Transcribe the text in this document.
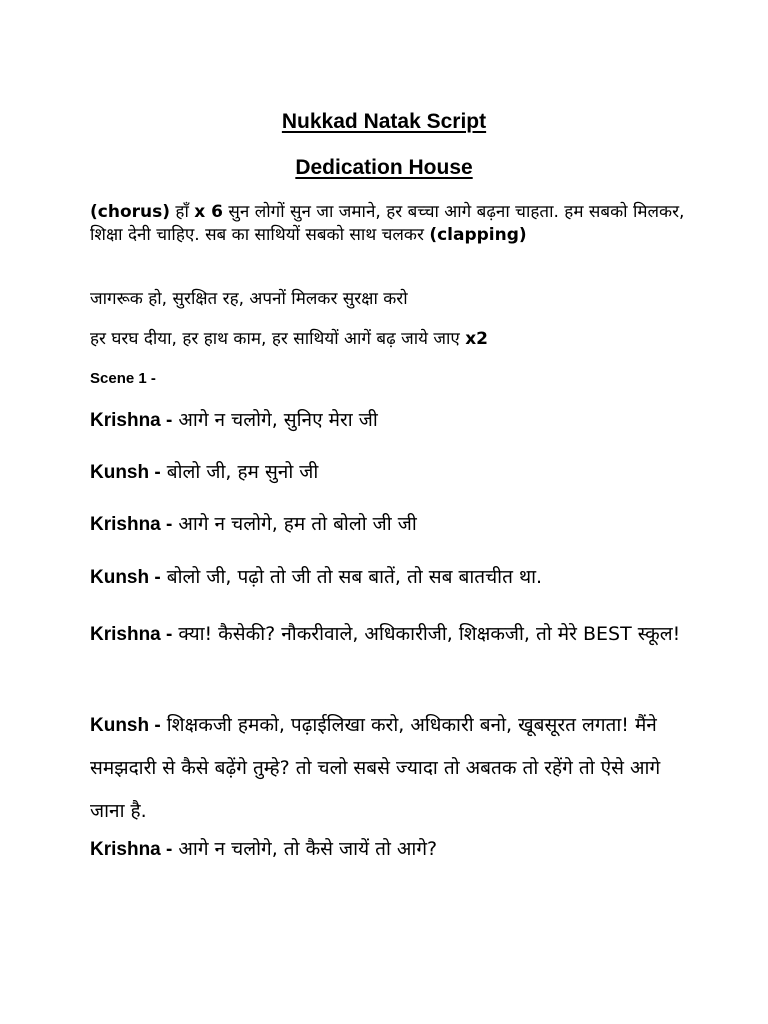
Nukkad Natak Script
Dedication House
(chorus) हाँ x 6 सुन लोगों सुन जा जमाने, हर बच्चा आगे बढ़ना चाहता. हम सबको मिलकर, शिक्षा देनी चाहिए. सब का साथियों सबको साथ चलकर (clapping)
जागरूक हो, सुरक्षित रह, अपनों मिलकर सुरक्षा करो
हर घरघ दीया, हर हाथ काम, हर साथियों आगें बढ़ जाये जाए x2
Scene 1 -
Krishna - आगे न चलोगे, सुनिए मेरा जी
Kunsh - बोलो जी, हम सुनो जी
Krishna - आगे न चलोगे, हम तो बोलो जी जी
Kunsh - बोलो जी, पढ़ो तो जी तो सब बातें, तो सब बातचीत था.
Krishna - क्या! कैसेकी? नौकरीवाले, अधिकारीजी, शिक्षकजी, तो मेरे BEST स्कूल!
Kunsh - शिक्षकजी हमको, पढ़ाईलिखा करो, अधिकारी बनो, खूबसूरत लगता! मैंने समझदारी से कैसे बढ़ेंगे तुम्हे? तो चलो सबसे ज्यादा तो अबतक तो रहेंगे तो ऐसे आगे जाना है.
Krishna - आगे न चलोगे, तो कैसे जायें तो आगे?
